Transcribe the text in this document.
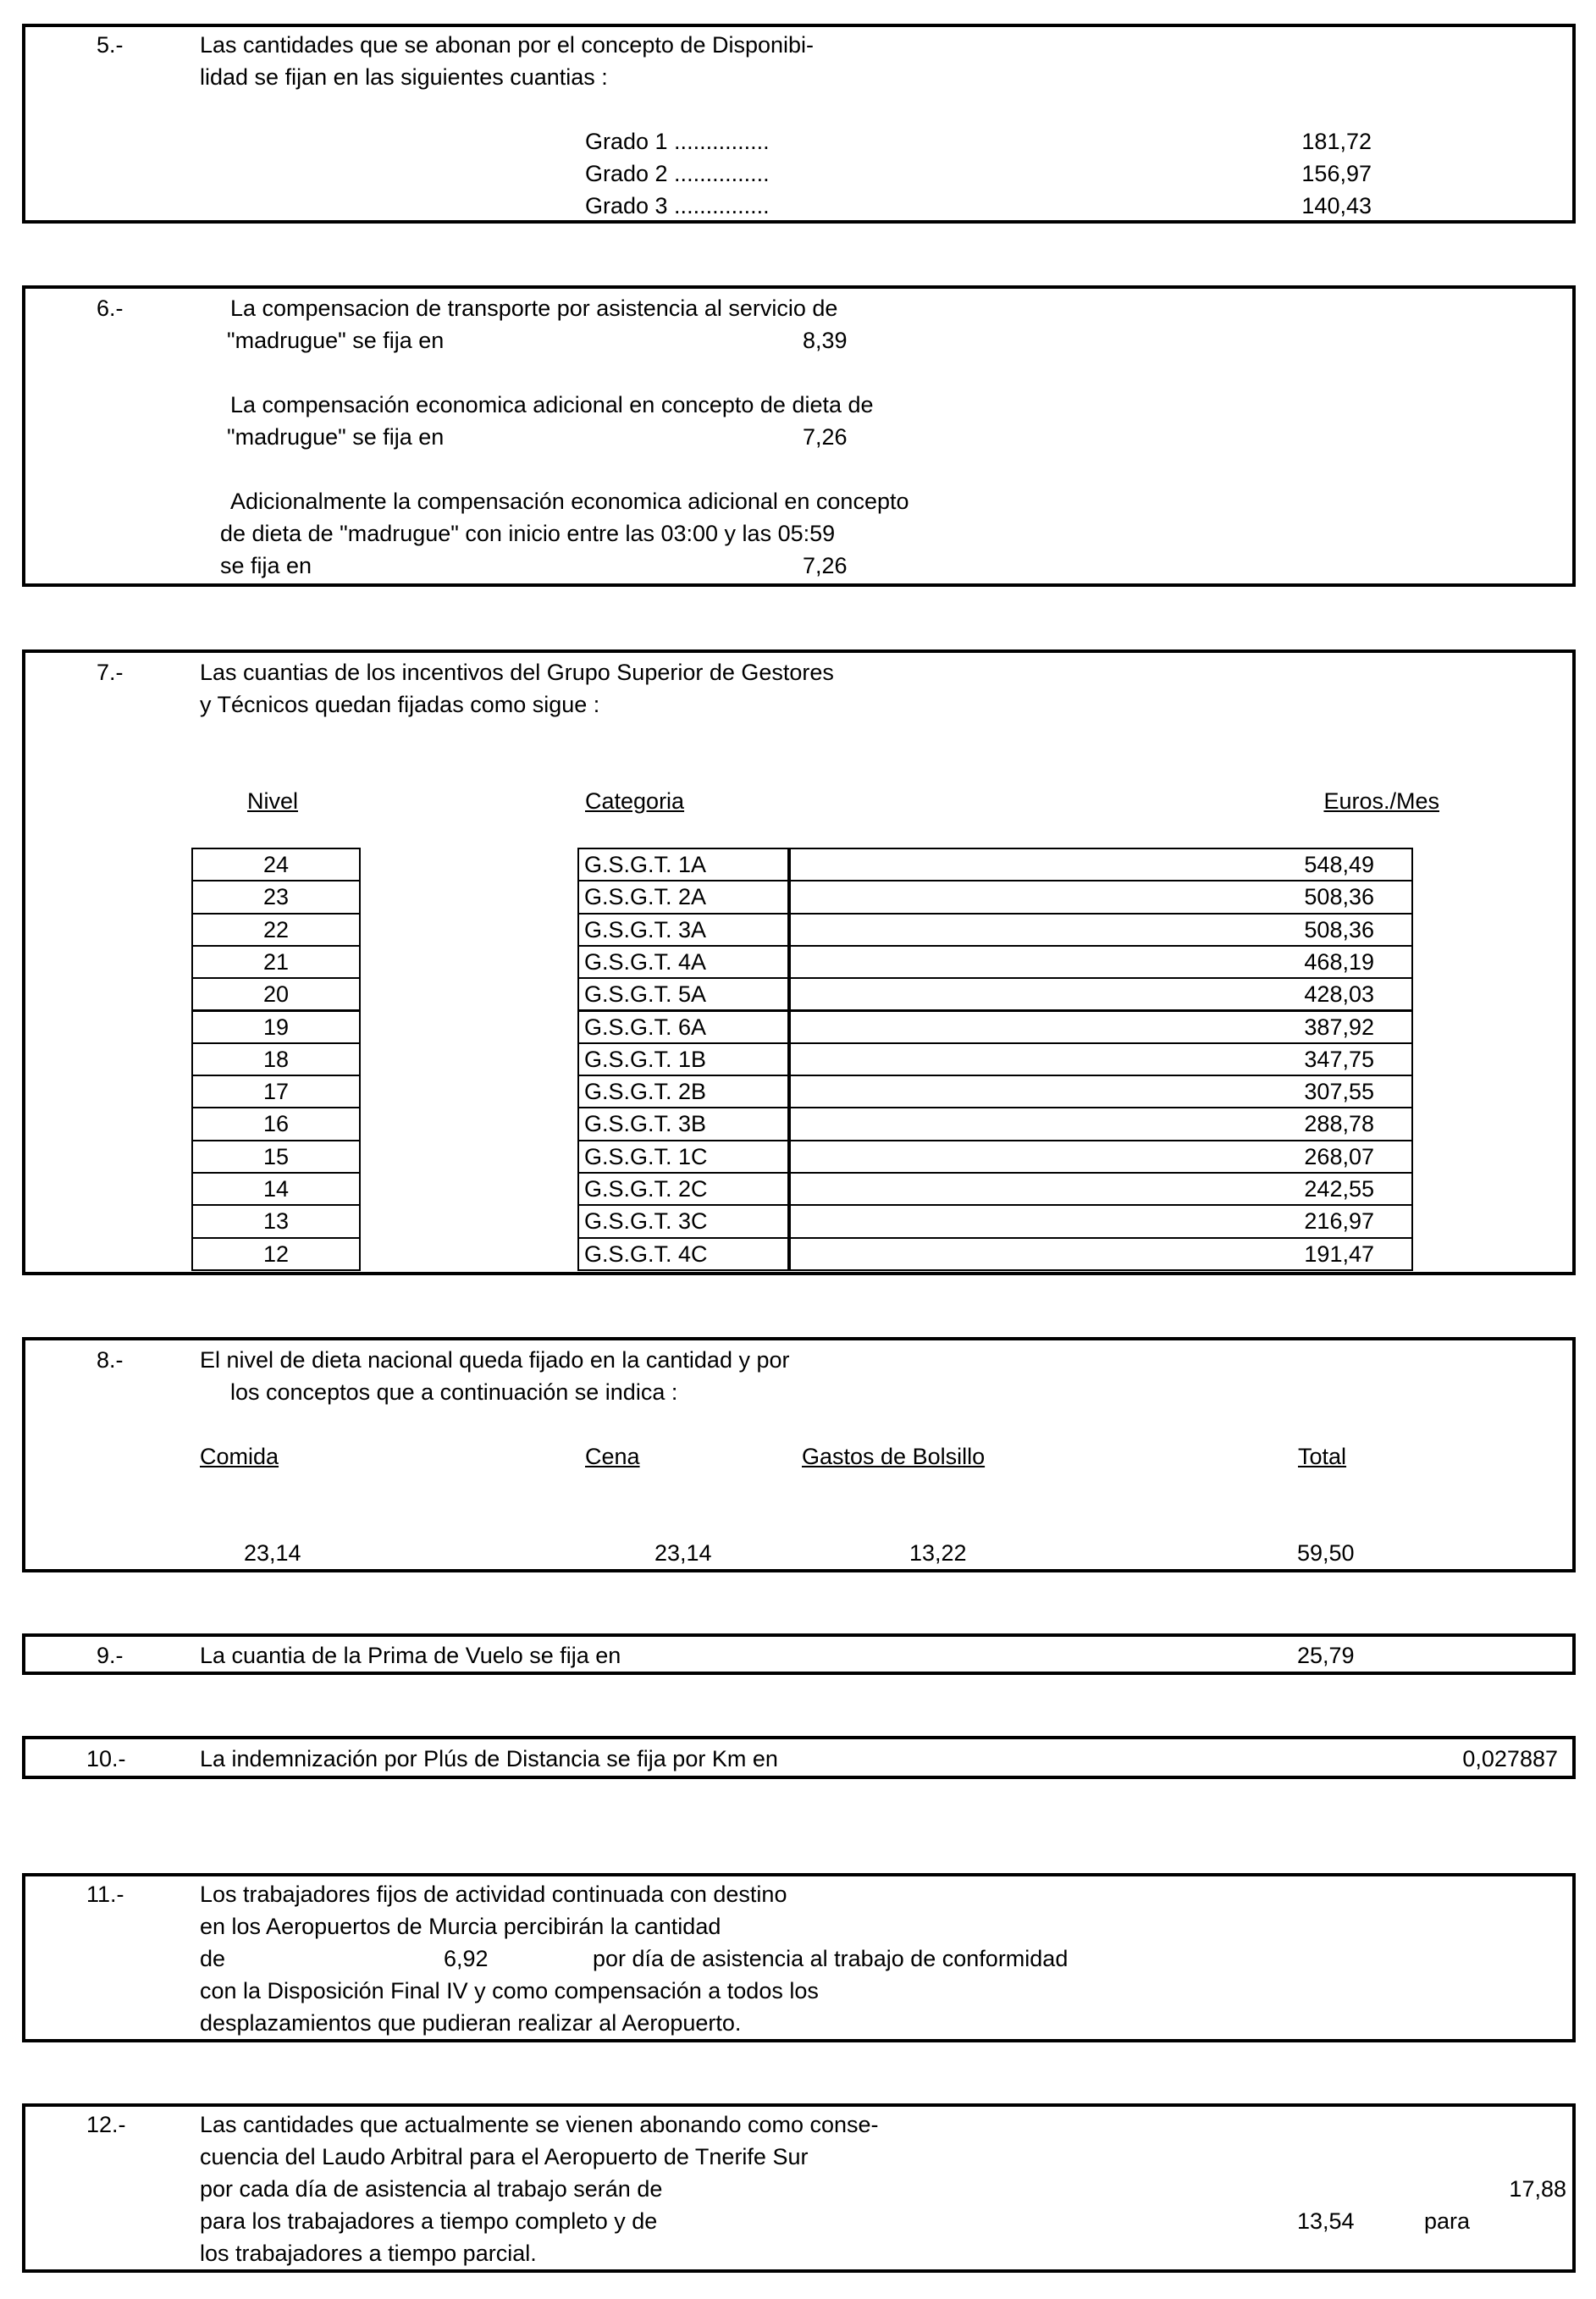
5.-	Las cantidades que se abonan por el concepto de Disponibi-
lidad se fijan en las siguientes cuantias :
Grado 1 ...............	181,72
Grado 2 ...............	156,97
Grado 3 ...............	140,43
6.-	La compensacion de transporte por asistencia al servicio de
"madrugue" se fija en	8,39
La compensación economica adicional en concepto de dieta de
"madrugue" se fija en	7,26
Adicionalmente la compensación economica adicional en concepto
de dieta de "madrugue" con inicio entre las 03:00 y las 05:59
se fija en	7,26
7.-	Las cuantias de los incentivos del Grupo Superior de Gestores
y Técnicos quedan fijadas como sigue :
Nivel	Categoria	Euros./Mes
24	G.S.G.T. 1A	548,49
23	G.S.G.T. 2A	508,36
22	G.S.G.T. 3A	508,36
21	G.S.G.T. 4A	468,19
20	G.S.G.T. 5A	428,03
19	G.S.G.T. 6A	387,92
18	G.S.G.T. 1B	347,75
17	G.S.G.T. 2B	307,55
16	G.S.G.T. 3B	288,78
15	G.S.G.T. 1C	268,07
14	G.S.G.T. 2C	242,55
13	G.S.G.T. 3C	216,97
12	G.S.G.T. 4C	191,47
8.-	El nivel de dieta nacional queda fijado en la cantidad y por
los conceptos que a continuación se indica :
Comida	Cena	Gastos de Bolsillo	Total
23,14	23,14	13,22	59,50
9.-	La cuantia de la Prima de Vuelo se fija en	25,79
10.-	La indemnización por Plús de Distancia se fija por Km en	0,027887
11.-	Los trabajadores fijos de actividad continuada con destino
en los Aeropuertos de Murcia percibirán la cantidad
de	6,92	por día de asistencia al trabajo de conformidad
con la Disposición Final IV y como compensación a todos los
desplazamientos que pudieran realizar al Aeropuerto.
12.-	Las cantidades que actualmente se vienen abonando como conse-
cuencia del Laudo Arbitral para el Aeropuerto de Tnerife Sur
por cada día de asistencia al trabajo serán de	17,88
para los trabajadores a tiempo completo y de	13,54	para
los trabajadores a tiempo parcial.
